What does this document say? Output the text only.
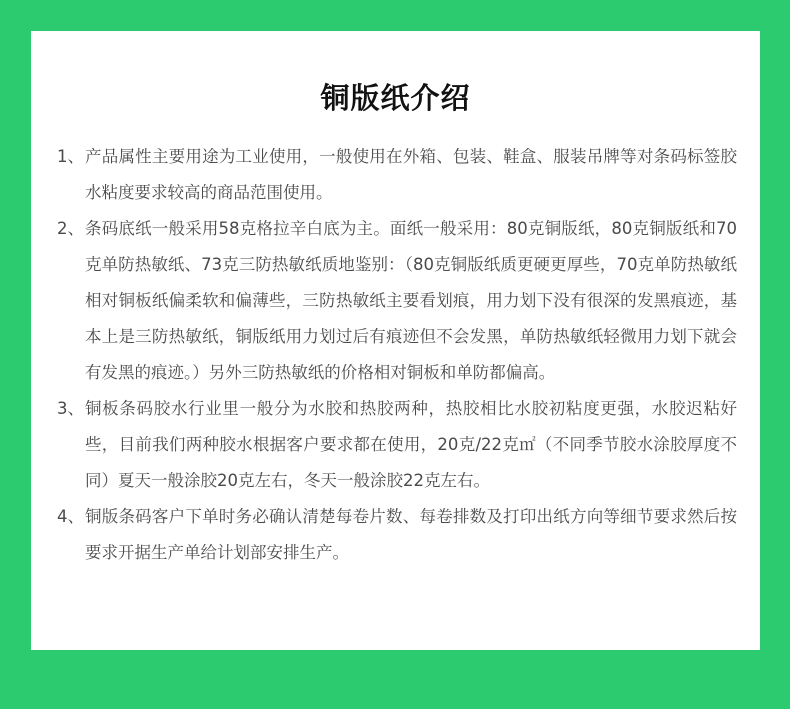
铜版纸介绍
1、 产品属性主要用途为工业使用，一般使用在外箱、包装、鞋盒、服装吊牌等对条码标签胶水粘度要求较高的商品范围使用。
2、 条码底纸一般采用58克格拉辛白底为主。面纸一般采用：80克铜版纸，80克铜版纸和70克单防热敏纸、73克三防热敏纸质地鉴别：（80克铜版纸质更硬更厚些，70克单防热敏纸相对铜板纸偏柔软和偏薄些，三防热敏纸主要看划痕，用力划下没有很深的发黑痕迹，基本上是三防热敏纸，铜版纸用力划过后有痕迹但不会发黑，单防热敏纸轻微用力划下就会有发黑的痕迹。）另外三防热敏纸的价格相对铜板和单防都偏高。
3、 铜板条码胶水行业里一般分为水胶和热胶两种，热胶相比水胶初粘度更强，水胶迟粘好些，目前我们两种胶水根据客户要求都在使用，20克/22克㎡（不同季节胶水涂胶厚度不同）夏天一般涂胶20克左右，冬天一般涂胶22克左右。
4、 铜版条码客户下单时务必确认清楚每卷片数、每卷排数及打印出纸方向等细节要求然后按要求开据生产单给计划部安排生产。
